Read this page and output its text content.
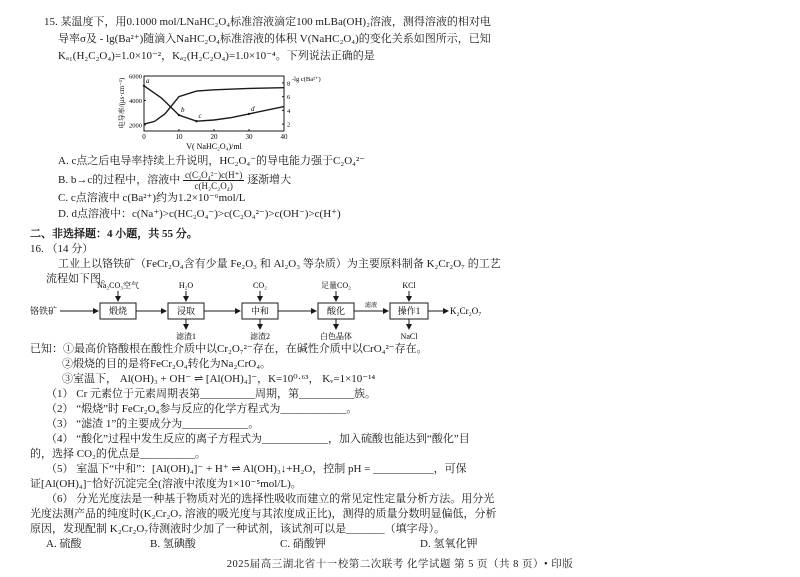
15. 某温度下，用0.1000 mol/LNaHC₂O₄标准溶液滴定100 mLBa(OH)₂溶液，测得溶液的相对电
导率σ及 - lg(Ba²⁺)随滴入NaHC₂O₄标准溶液的体积 V(NaHC₂O₄)的变化关系如图所示，已知
Kₐ₁(H₂C₂O₄)=1.0×10⁻²，Kₐ₂(H₂C₂O₄)=1.0×10⁻⁴。下列说法正确的是
0	10	20	30	40
2000
4000
6000
2
4
6
8
a
b
c
d
电导率/(μs·cm⁻¹)	-lg c(Ba²⁺)
V( NaHC₂O₄)/ml
A. c点之后电导率持续上升说明，HC₂O₄⁻的导电能力强于C₂O₄²⁻
B. b→c的过程中，溶液中 $\frac{\text{c(C₂O₄²⁻)c(H⁺)}}{\text{c(H₂C₂O₄)}}$ 逐渐增大
C. c点溶液中 c(Ba²⁺)约为1.2×10⁻⁶mol/L
D. d点溶液中：c(Na⁺)>c(HC₂O₄⁻)>c(C₂O₄²⁻)>c(OH⁻)>c(H⁺)
二、非选择题：4 小题，共 55 分。
16. （14 分）
工业上以铬铁矿（FeCr₂O₄含有少量 Fe₂O₃ 和 Al₂O₃ 等杂质）为主要原料制备 K₂Cr₂O₇ 的工艺
流程如下图。
铬铁矿	煅烧	浸取	中和	酸化	滤液 操作1	K₂Cr₂O₇
Na₂CO₃空气	H₂O	CO₂	足量CO₂	KCl
滤渣1	滤渣2	白色晶体	NaCl
已知：①最高价铬酸根在酸性介质中以Cr₂O₇²⁻存在，在碱性介质中以CrO₄²⁻存在。
②煅烧的目的是将FeCr₂O₄转化为Na₂CrO₄。
③室温下， Al(OH)₃ + OH⁻ ⇌ [Al(OH)₄]⁻，K=10⁰·⁶³， Kᵥ=1×10⁻¹⁴
（1） Cr 元素位于元素周期表第__________周期，第__________族。
（2） “煅烧”时 FeCr₂O₄参与反应的化学方程式为____________。
（3） “滤渣 1”的主要成分为____________。
（4） “酸化”过程中发生反应的离子方程式为____________，加入硫酸也能达到“酸化”目
的，选择 CO₂的优点是__________。
（5） 室温下“中和”：[Al(OH)₄]⁻ + H⁺ ⇌ Al(OH)₃↓+H₂O，控制 pH = ___________，可保
证[Al(OH)₄]⁻恰好沉淀完全(溶液中浓度为1×10⁻⁵mol/L)。
（6） 分光光度法是一种基于物质对光的选择性吸收而建立的常见定性定量分析方法。用分光
光度法测产品的纯度时(K₂Cr₂O₇ 溶液的吸光度与其浓度成正比)，测得的质量分数明显偏低，分析
原因，发现配制 K₂Cr₂O₇待测液时少加了一种试剂，该试剂可以是_______（填字母）。
A. 硫酸	B. 氢碘酸	C. 硝酸钾	D. 氢氧化钾
2025届高三湖北省十一校第二次联考 化学试题 第 5 页（共 8 页）• 印版
